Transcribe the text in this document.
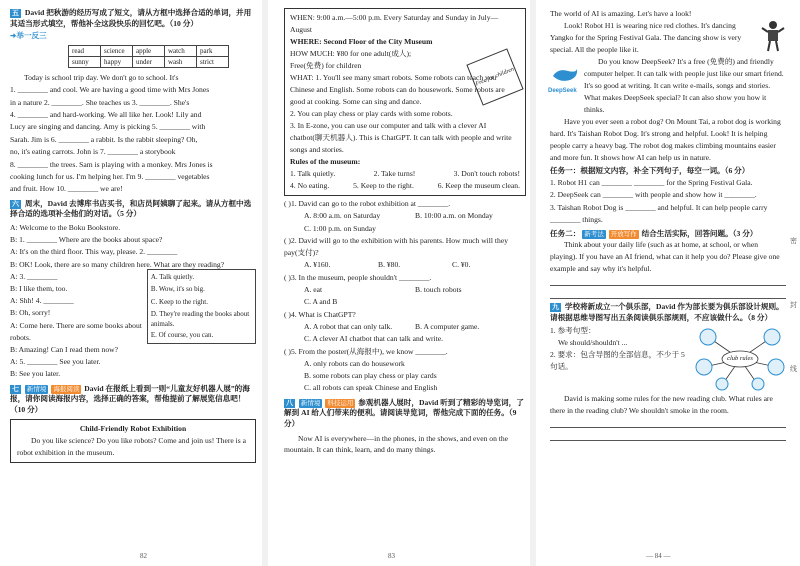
五 David 把秋游的经历写成了短文，请从方框中选择合适的单词，并用其适当形式填空，帮他补全这段快乐的回忆吧。（10 分）
➜举一反三
read	science	apple	watch	park
sunny	happy	under	wash	strict

Today is school trip day. We don't go to school. It's

1. ________ and cool. We are having a good time with Mrs Jones

in a nature 2. ________. She teaches us 3. ________. She's

4. ________ and hard-working. We all like her. Look! Lily and

Lucy are singing and dancing. Amy is picking 5. ________ with

Sarah. Jim is 6. ________ a rabbit. Is the rabbit sleeping? Oh,

no, it's eating carrots. John is 7. ________ a storybook

8. ________ the trees. Sam is playing with a monkey. Mrs Jones is

cooking lunch for us. I'm helping her. I'm 9. ________ vegetables

and fruit. How 10. ________ we are!

六 周末，David 去博库书店买书，和店员阿姨聊了起来。请从方框中选择合适的选项补全他们的对话。（5 分）

A: Welcome to the Boku Bookstore.

B: 1. ________ Where are the books about space?

A: It's on the third floor. This way, please. 2. ________

B: OK! Look, there are so many children here. What are they reading?

A: 3. ________

B: I like them, too.

A: Shh! 4. ________

B: Oh, sorry!

A: Come here. There are some books about robots.

A. Talk quietly.

B. Wow, it's so big.

C. Keep to the right.

D. They're reading the books about animals.

E. Of course, you can.

B: Amazing! Can I read them now?

A: 5. ________ See you later.

B: See you later.

七 新情境 海报阅读 David 在报纸上看到一则“儿童友好机器人展”的海报，请你阅读海报内容，选择正确的答案，帮他提前了解展览信息吧！（10 分）
Child-Friendly Robot Exhibition

Do you like science? Do you like robots? Come and join us! There is a robot exhibition in the museum.

82

WHEN: 9:00 a.m.—5:00 p.m. Every Saturday and Sunday in July—August

WHERE: Second Floor of the City Museum

HOW MUCH: ¥80 for one adult(成人);

Free(免费) for children

WHAT: 1. You'll see many smart robots. Some robots can teach you Chinese and English. Some robots can do housework. Some robots are good at cooking. Some can sing and dance.

2. You can play chess or play cards with some robots.

3. In E-zone, you can use our computer and talk with a clever AI chatbot(聊天机器人). This is ChatGPT. It can talk with people and write songs and stories.

Rules of the museum:
1. Talk quietly.	2. Take turns!	3. Don't touch robots!
4. No eating.	5. Keep to the right.	6. Keep the museum clean.
Free for children

( )1. David can go to the robot exhibition at ________.

A. 8:00 a.m. on Saturday	B. 10:00 a.m. on Monday

C. 1:00 p.m. on Sunday

( )2. David will go to the exhibition with his parents. How much will they pay(支付)?

A. ¥160.	B. ¥80.	C. ¥0.

( )3. In the museum, people shouldn't ________.

A. eat	B. touch robots

C. A and B

( )4. What is ChatGPT?

A. A robot that can only talk.	B. A computer game.

C. A clever AI chatbot that can talk and write.

( )5. From the poster(从海报中), we know ________.

A. only robots can do housework

B. some robots can play chess or play cards

C. all robots can speak Chinese and English

八 新情境 科技运用 参观机器人展时，David 听到了精彩的导览词，了解到 AI 给人们带来的便利。请阅读导览词，帮他完成下面的任务。（9 分）

Now AI is everywhere—in the phones, in the shows, and even on the mountain. It can think, learn, and do many things.

83

The world of AI is amazing. Let's have a look!

Look! Robot H1 is wearing nice red clothes. It's dancing Yangko for the Spring Festival Gala. The dancing show is very special. All the people like it.

DeepSeek

Do you know DeepSeek? It's a free (免费的) and friendly computer helper. It can talk with people just like our smart friend. It's so good at writing. It can write e-mails, songs and stories. What makes DeepSeek special? It can also show you how it thinks.

Have you ever seen a robot dog? On Mount Tai, a robot dog is working hard. It's Taishan Robot Dog. It's strong and helpful. Look! It is helping people carry a heavy bag. The robot dog makes climbing mountains easier and more fun. It shows how AI can help us in nature.

任务一：根据短文内容，补全下列句子，每空一词。（6 分）

1. Robot H1 can ________ ________ for the Spring Festival Gala.

2. DeepSeek can ________ with people and show how it ________.

3. Taishan Robot Dog is ________ and helpful. It can help people carry ________ things.

任务二： 新考法 开放写作 结合生活实际，回答问题。（3 分）

Think about your daily life (such as at home, at school, or when playing). If you have an AI friend, what can it help you do? Please give one example and say why it's helpful.

九 学校将新成立一个俱乐部，David 作为部长要为俱乐部设计规则。请根据思维导图写出五条阅读俱乐部规则，不应该做什么。（8 分）
club rules

1. 参考句型：

We should/shouldn't ...

2. 要求：包含导图的全部信息，不少于 5 句话。

David is making some rules for the new reading club. What rules are there in the reading club? We shouldn't smoke in the room.

— 84 —
密
封
线
